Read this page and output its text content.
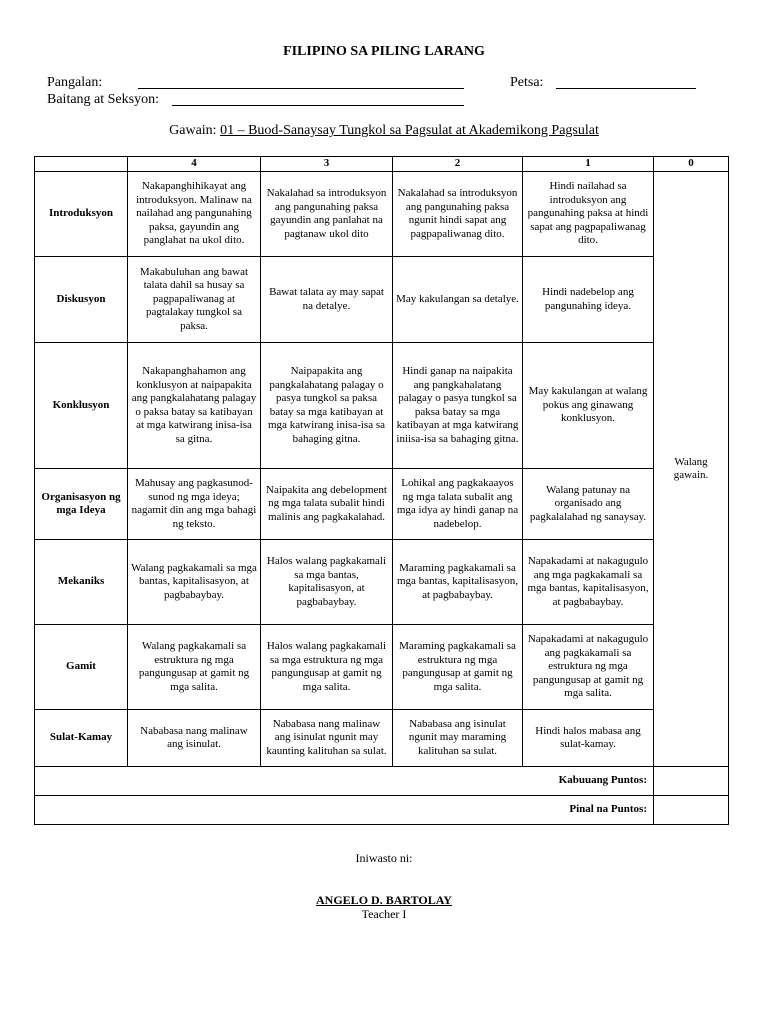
FILIPINO SA PILING LARANG
Pangalan:	Petsa:
Baitang at Seksyon:
Gawain: 01 – Buod-Sanaysay Tungkol sa Pagsulat at Akademikong Pagsulat
	4	3	2	1	0
Introduksyon	Nakapanghihikayat ang introduksyon. Malinaw na nailahad ang pangunahing paksa, gayundin ang panglahat na ukol dito.	Nakalahad sa introduksyon ang pangunahing paksa gayundin ang panlahat na pagtanaw ukol dito	Nakalahad sa introduksyon ang pangunahing paksa ngunit hindi sapat ang pagpapaliwanag dito.	Hindi nailahad sa introduksyon ang pangunahing paksa at hindi sapat ang pagpapaliwanag dito.	Walang gawain.
Diskusyon	Makabuluhan ang bawat talata dahil sa husay sa pagpapaliwanag at pagtalakay tungkol sa paksa.	Bawat talata ay may sapat na detalye.	May kakulangan sa detalye.	Hindi nadebelop ang pangunahing ideya.	
Konklusyon	Nakapanghahamon ang konklusyon at naipapakita ang pangkalahatang palagay o paksa batay sa katibayan at mga katwirang inisa-isa sa gitna.	Naipapakita ang pangkalahatang palagay o pasya tungkol sa paksa batay sa mga katibayan at mga katwirang inisa-isa sa bahaging gitna.	Hindi ganap na naipakita ang pangkahalatang palagay o pasya tungkol sa paksa batay sa mga katibayan at mga katwirang iniisa-isa sa bahaging gitna.	May kakulangan at walang pokus ang ginawang konklusyon.	
Organisasyon ng mga Ideya	Mahusay ang pagkasunod-sunod ng mga ideya; nagamit din ang mga bahagi ng teksto.	Naipakita ang debelopment ng mga talata subalit hindi malinis ang pagkakalahad.	Lohikal ang pagkakaayos ng mga talata subalit ang mga idya ay hindi ganap na nadebelop.	Walang patunay na organisado ang pagkalalahad ng sanaysay.	
Mekaniks	Walang pagkakamali sa mga bantas, kapitalisasyon, at pagbabaybay.	Halos walang pagkakamali sa mga bantas, kapitalisasyon, at pagbabaybay.	Maraming pagkakamali sa mga bantas, kapitalisasyon, at pagbabaybay.	Napakadami at nakagugulo ang mga pagkakamali sa mga bantas, kapitalisasyon, at pagbabaybay.	
Gamit	Walang pagkakamali sa estruktura ng mga pangungusap at gamit ng mga salita.	Halos walang pagkakamali sa mga estruktura ng mga pangungusap at gamit ng mga salita.	Maraming pagkakamali sa estruktura ng mga pangungusap at gamit ng mga salita.	Napakadami at nakagugulo ang pagkakamali sa estruktura ng mga pangungusap at gamit ng mga salita.	
Sulat-Kamay	Nababasa nang malinaw ang isinulat.	Nababasa nang malinaw ang isinulat ngunit may kaunting kalituhan sa sulat.	Nababasa ang isinulat ngunit may maraming kalituhan sa sulat.	Hindi halos mabasa ang sulat-kamay.	
Kabuuang Puntos:					
Pinal na Puntos:					
Iniwasto ni:
ANGELO D. BARTOLAY
Teacher I
